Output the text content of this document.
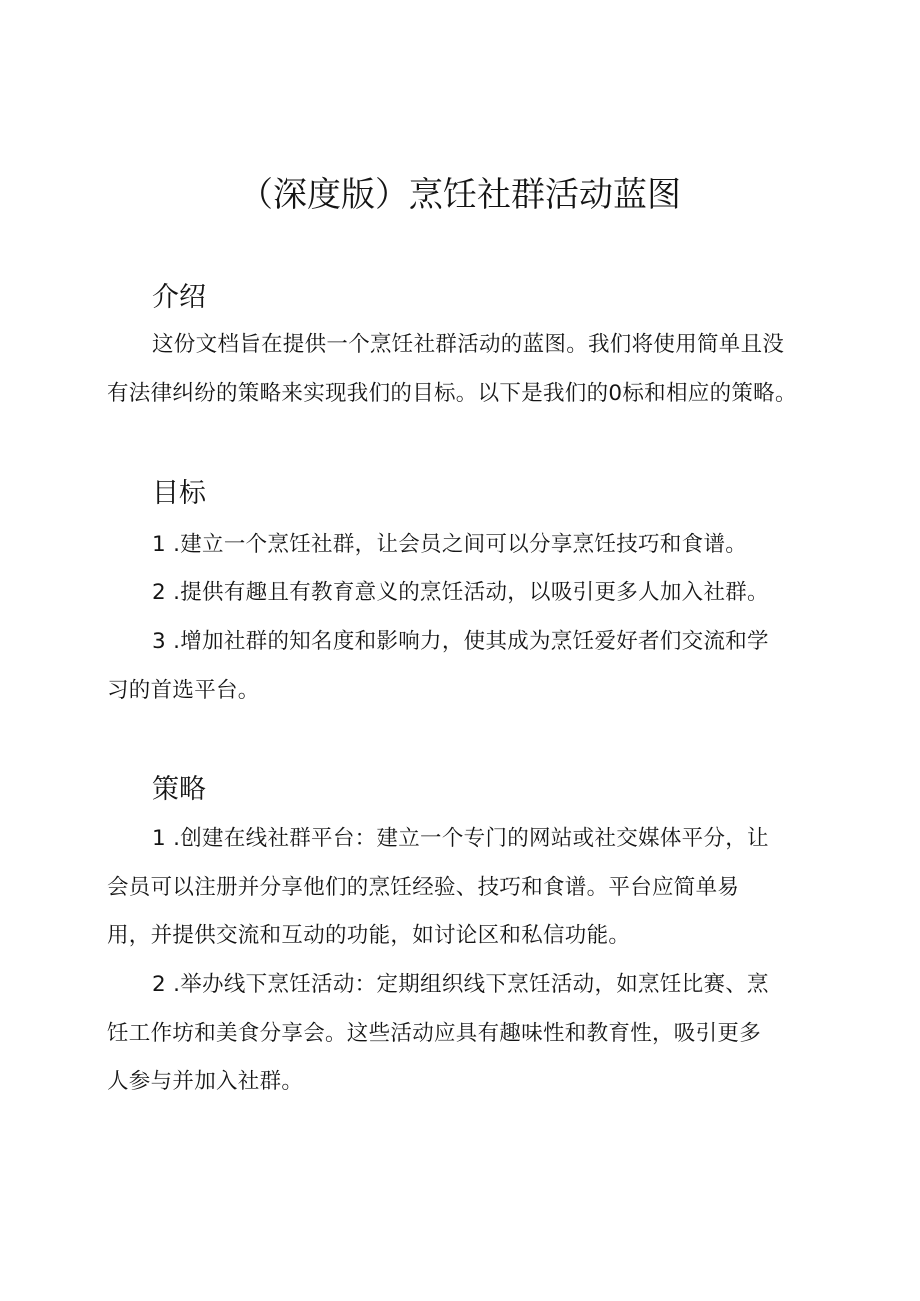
（深度版）烹饪社群活动蓝图
介绍
这份文档旨在提供一个烹饪社群活动的蓝图。我们将使用简单且没
有法律纠纷的策略来实现我们的目标。以下是我们的0标和相应的策略。
目标
1 .建立一个烹饪社群，让会员之间可以分享烹饪技巧和食谱。
2 .提供有趣且有教育意义的烹饪活动，以吸引更多人加入社群。
3 .增加社群的知名度和影响力，使其成为烹饪爱好者们交流和学
习的首选平台。
策略
1 .创建在线社群平台：建立一个专门的网站或社交媒体平分，让
会员可以注册并分享他们的烹饪经验、技巧和食谱。平台应简单易
用，并提供交流和互动的功能，如讨论区和私信功能。
2 .举办线下烹饪活动：定期组织线下烹饪活动，如烹饪比赛、烹
饪工作坊和美食分享会。这些活动应具有趣味性和教育性，吸引更多
人参与并加入社群。
